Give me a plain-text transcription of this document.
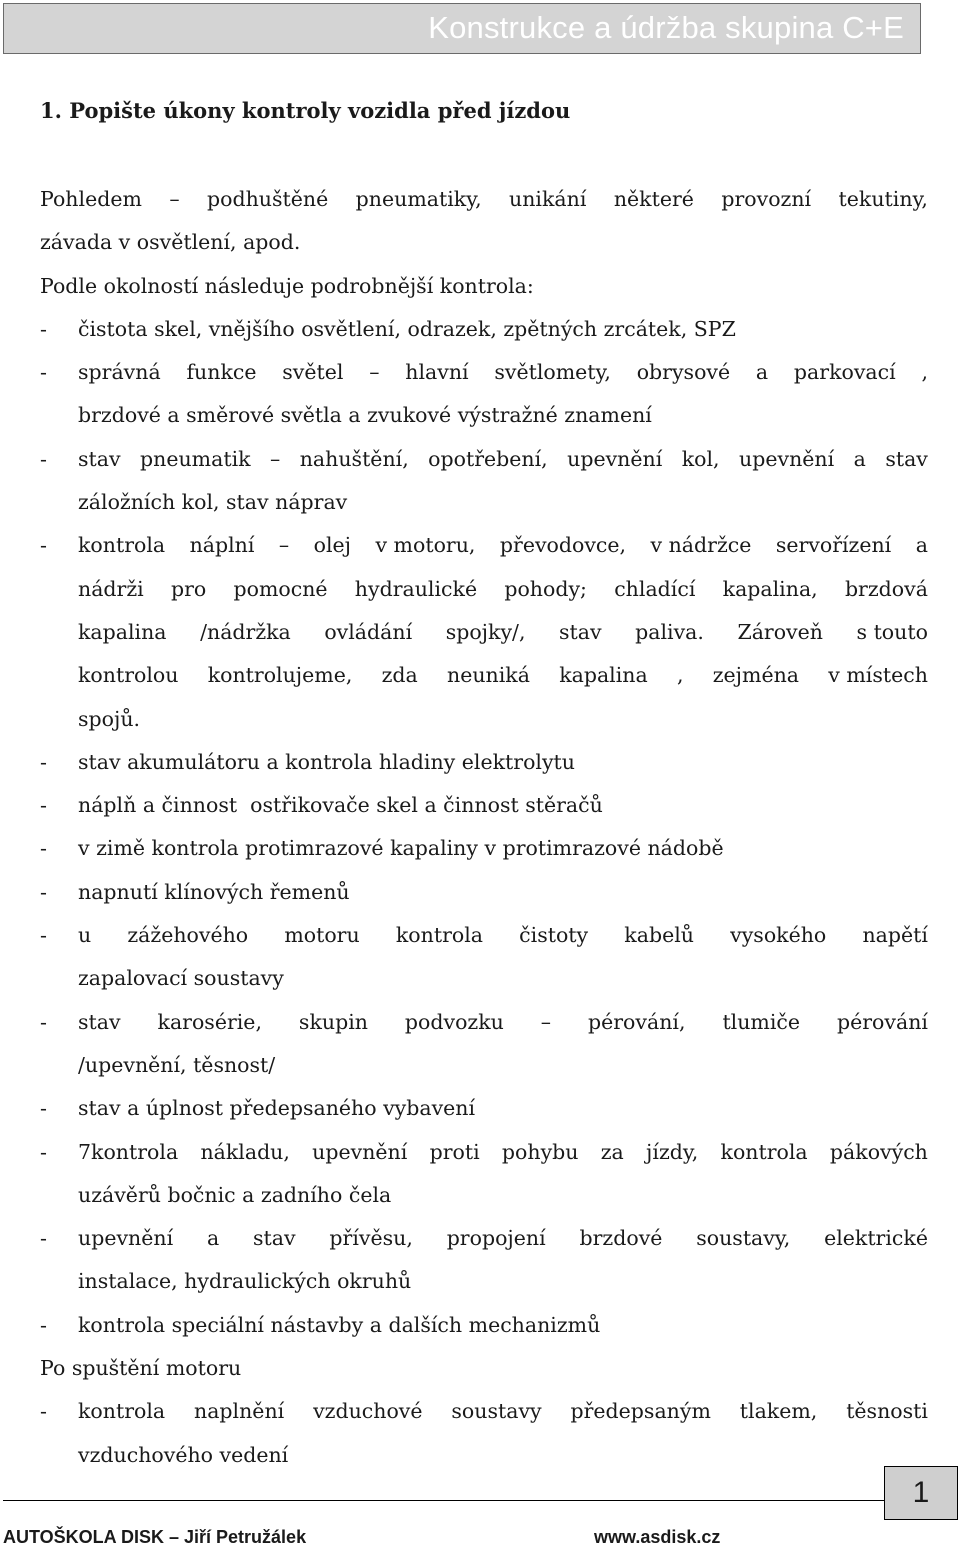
Konstrukce a údržba skupina C+E
1. Popište úkony kontroly vozidla před jízdou
Pohledem – podhuštěné pneumatiky, unikání některé provozní tekutiny,
závada v osvětlení, apod.
Podle okolností následuje podrobnější kontrola:
- čistota skel, vnějšího osvětlení, odrazek, zpětných zrcátek, SPZ
- správná funkce světel – hlavní světlomety, obrysové a parkovací ,
brzdové a směrové světla a zvukové výstražné znamení
- stav pneumatik – nahuštění, opotřebení, upevnění kol, upevnění a stav
záložních kol, stav náprav
- kontrola náplní – olej v motoru, převodovce, v nádržce servořízení a
nádrži pro pomocné hydraulické pohody; chladící kapalina, brzdová
kapalina /nádržka ovládání spojky/, stav paliva. Zároveň s touto
kontrolou kontrolujeme, zda neuniká kapalina , zejména v místech
spojů.
- stav akumulátoru a kontrola hladiny elektrolytu
- náplň a činnost  ostřikovače skel a činnost stěračů
- v zimě kontrola protimrazové kapaliny v protimrazové nádobě
- napnutí klínových řemenů
- u zážehového motoru kontrola čistoty kabelů vysokého napětí
zapalovací soustavy
- stav karosérie, skupin podvozku – pérování, tlumiče pérování
/upevnění, těsnost/
- stav a úplnost předepsaného vybavení
- 7kontrola nákladu, upevnění proti pohybu za jízdy, kontrola pákových
uzávěrů bočnic a zadního čela
- upevnění a stav přívěsu, propojení brzdové soustavy, elektrické
instalace, hydraulických okruhů
- kontrola speciální nástavby a dalších mechanizmů
Po spuštění motoru
- kontrola naplnění vzduchové soustavy předepsaným tlakem, těsnosti
vzduchového vedení
1
AUTOŠKOLA DISK – Jiří Petružálek	www.asdisk.cz
